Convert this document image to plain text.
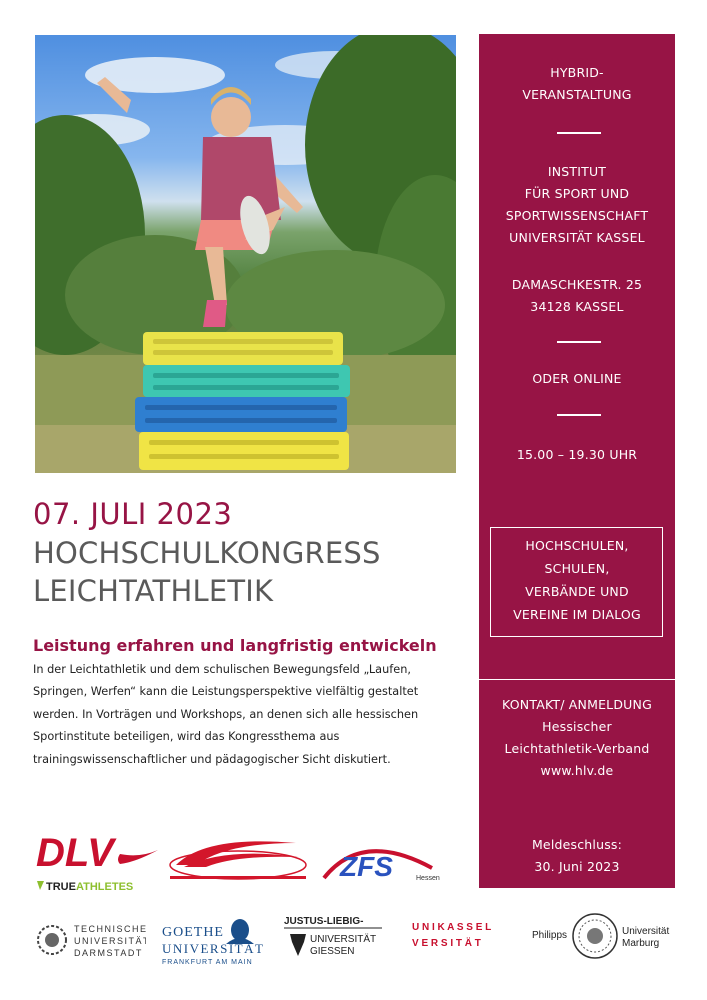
HYBRID-
VERANSTALTUNG
INSTITUT
FÜR SPORT UND
SPORTWISSENSCHAFT
UNIVERSITÄT KASSEL
DAMASCHKESTR. 25
34128 KASSEL
ODER ONLINE
15.00 – 19.30 UHR
HOCHSCHULEN,
SCHULEN,
VERBÄNDE UND
VEREINE IM DIALOG
KONTAKT/ ANMELDUNG
Hessischer
Leichtathletik-Verband
www.hlv.de
Meldeschluss:
30. Juni 2023
07. JULI 2023
HOCHSCHULKONGRESS
LEICHTATHLETIK
Leistung erfahren und langfristig entwickeln
In der Leichtathletik und dem schulischen Bewegungsfeld „Laufen, Springen, Werfen“ kann die Leistungsperspektive vielfältig gestaltet werden. In Vorträgen und Workshops, an denen sich alle hessischen Sportinstitute beteiligen, wird das Kongressthema aus trainingswissenschaftlicher und pädagogischer Sicht diskutiert.
DLV
TRUE ATHLETES
ZFS	Hessen
TECHNISCHE
UNIVERSITÄT
DARMSTADT
GOETHE
UNIVERSITÄT
FRANKFURT AM MAIN
JUSTUS-LIEBIG-
UNIVERSITÄT
GIESSEN
U N I K A S S E L
V E R S I T Ä T
Philipps	Universität
Marburg
